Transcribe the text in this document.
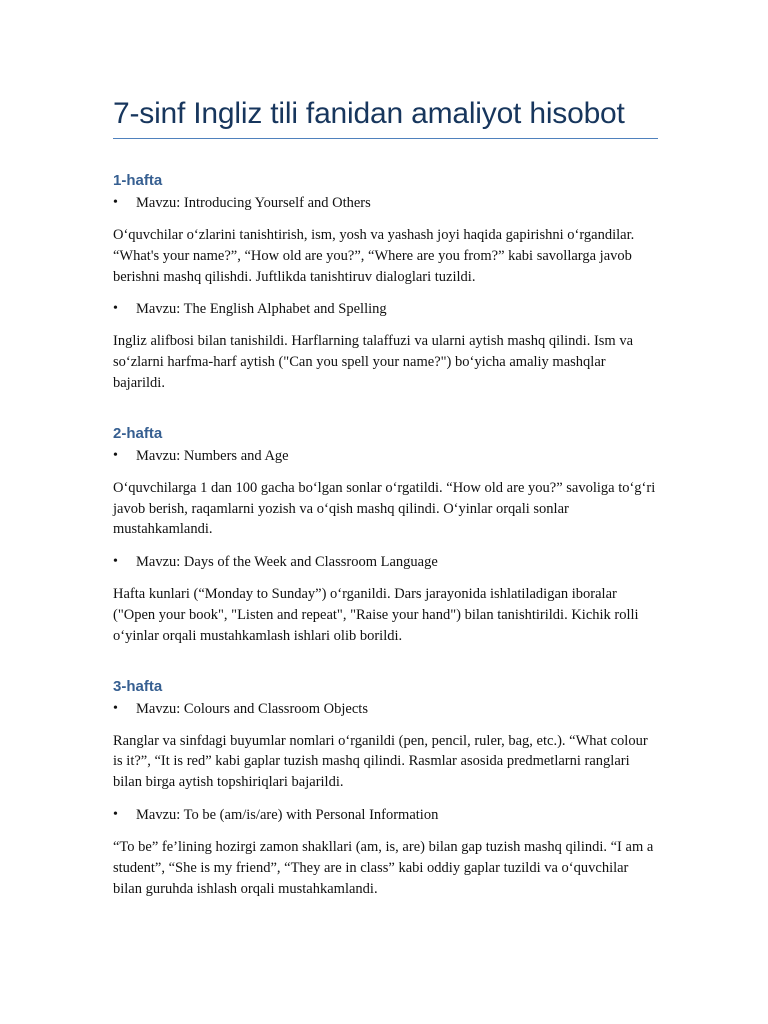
7-sinf Ingliz tili fanidan amaliyot hisobot
1-hafta
•	Mavzu: Introducing Yourself and Others

O‘quvchilar o‘zlarini tanishtirish, ism, yosh va yashash joyi haqida gapirishni o‘rgandilar. “What's your name?”, “How old are you?”, “Where are you from?” kabi savollarga javob berishni mashq qilishdi. Juftlikda tanishtiruv dialoglari tuzildi.

•	Mavzu: The English Alphabet and Spelling

Ingliz alifbosi bilan tanishildi. Harflarning talaffuzi va ularni aytish mashq qilindi. Ism va so‘zlarni harfma-harf aytish ("Can you spell your name?") bo‘yicha amaliy mashqlar bajarildi.

2-hafta
•	Mavzu: Numbers and Age

O‘quvchilarga 1 dan 100 gacha bo‘lgan sonlar o‘rgatildi. “How old are you?” savoliga to‘g‘ri javob berish, raqamlarni yozish va o‘qish mashq qilindi. O‘yinlar orqali sonlar mustahkamlandi.

•	Mavzu: Days of the Week and Classroom Language

Hafta kunlari (“Monday to Sunday”) o‘rganildi. Dars jarayonida ishlatiladigan iboralar ("Open your book", "Listen and repeat", "Raise your hand") bilan tanishtirildi. Kichik rolli o‘yinlar orqali mustahkamlash ishlari olib borildi.

3-hafta
•	Mavzu: Colours and Classroom Objects

Ranglar va sinfdagi buyumlar nomlari o‘rganildi (pen, pencil, ruler, bag, etc.). “What colour is it?”, “It is red” kabi gaplar tuzish mashq qilindi. Rasmlar asosida predmetlarni ranglari bilan birga aytish topshiriqlari bajarildi.

•	Mavzu: To be (am/is/are) with Personal Information

“To be” fe’lining hozirgi zamon shakllari (am, is, are) bilan gap tuzish mashq qilindi. “I am a student”, “She is my friend”, “They are in class” kabi oddiy gaplar tuzildi va o‘quvchilar bilan guruhda ishlash orqali mustahkamlandi.
